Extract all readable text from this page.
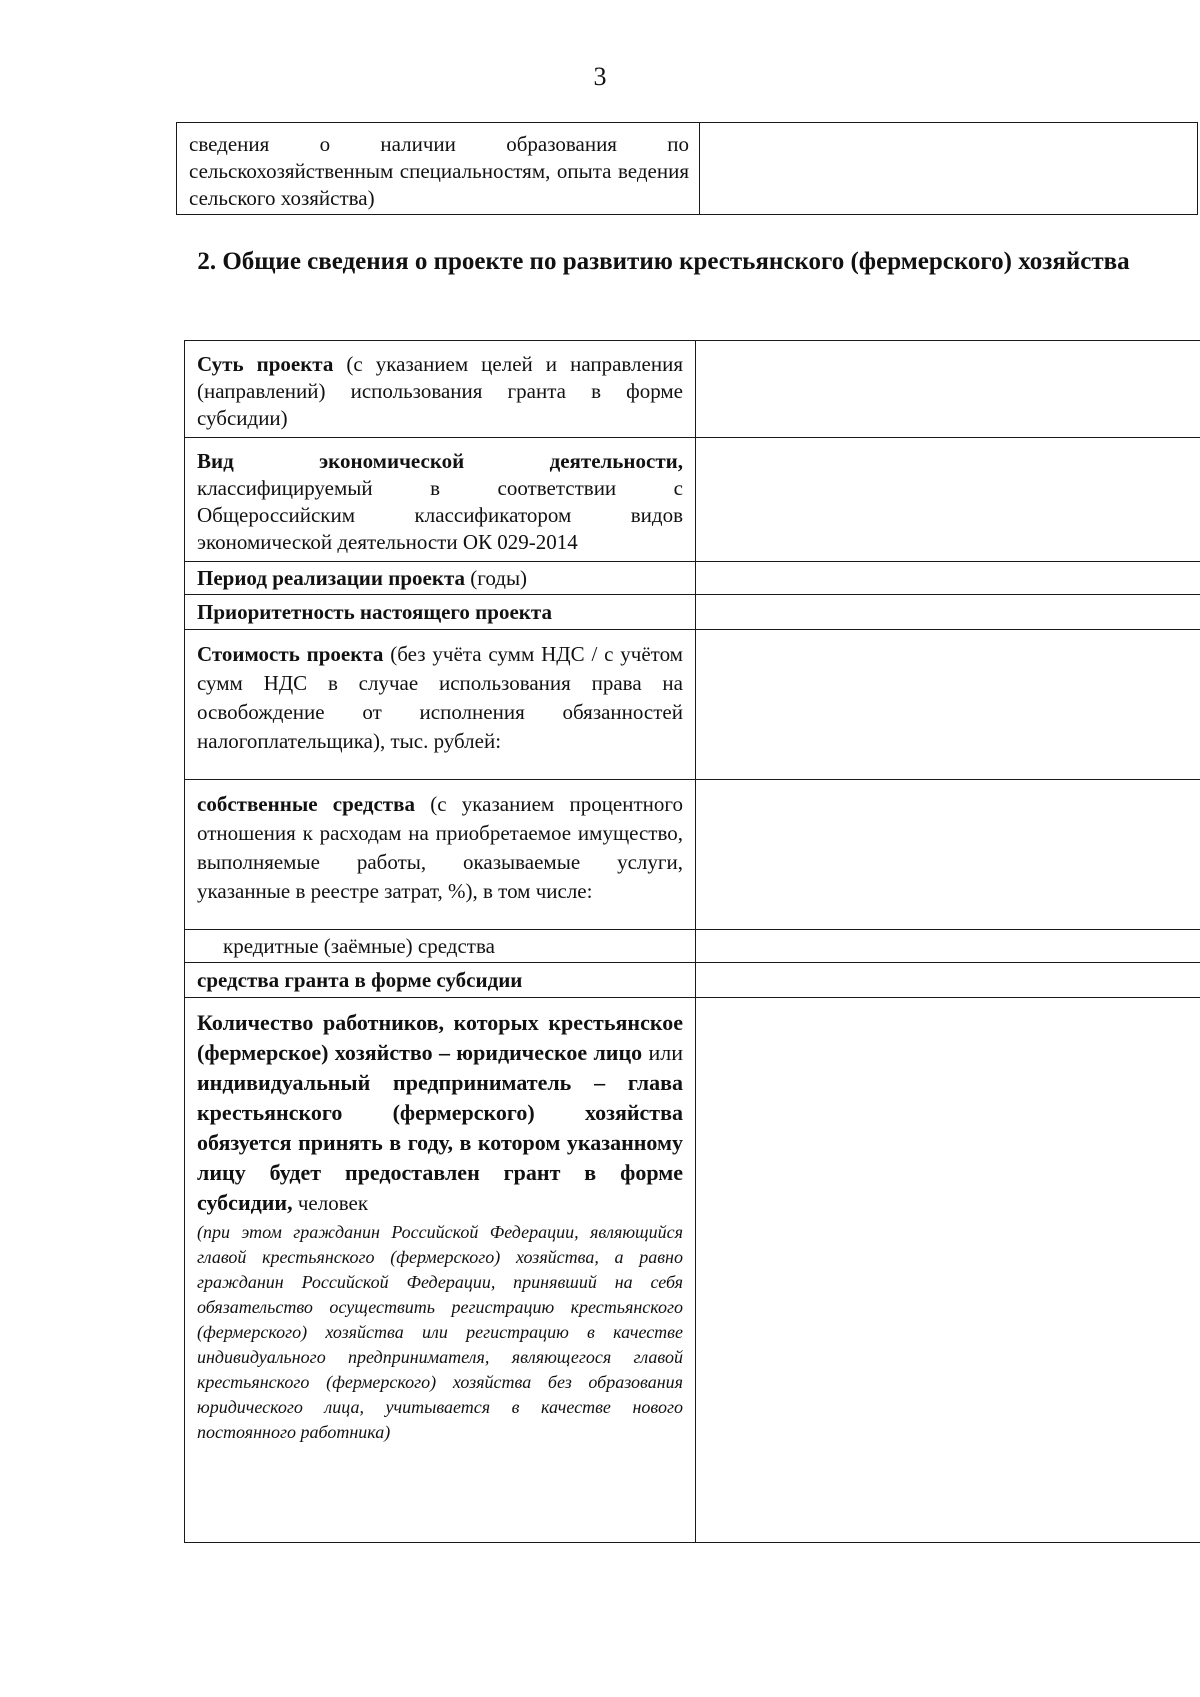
3
сведения о наличии образования по сельскохозяйственным специальностям, опыта ведения сельского хозяйства)	
2. Общие сведения о проекте по развитию крестьянского (фермерского) хозяйства
Суть проекта (с указанием целей и направления (направлений) использования гранта в форме субсидии)	
Вид экономической деятельности, классифицируемый в соответствии с Общероссийским классификатором видов экономической деятельности ОК 029-2014	
Период реализации проекта (годы)	
Приоритетность настоящего проекта	
Стоимость проекта (без учёта сумм НДС / с учётом сумм НДС в случае использования права на освобождение от исполнения обязанностей налогоплательщика), тыс. рублей:	
собственные средства (с указанием процентного отношения к расходам на приобретаемое имущество, выполняемые работы, оказываемые услуги, указанные в реестре затрат, %), в том числе:	
кредитные (заёмные) средства	
средства гранта в форме субсидии	
Количество работников, которых крестьянское (фермерское) хозяйство – юридическое лицо или индивидуальный предприниматель – глава крестьянского (фермерского) хозяйства обязуется принять в году, в котором указанному лицу будет предоставлен грант в форме субсидии, человек
(при этом гражданин Российской Федерации, являющийся главой крестьянского (фермерского) хозяйства, а равно гражданин Российской Федерации, принявший на себя обязательство осуществить регистрацию крестьянского (фермерского) хозяйства или регистрацию в качестве индивидуального предпринимателя, являющегося главой крестьянского (фермерского) хозяйства без образования юридического лица, учитывается в качестве нового постоянного работника)	
